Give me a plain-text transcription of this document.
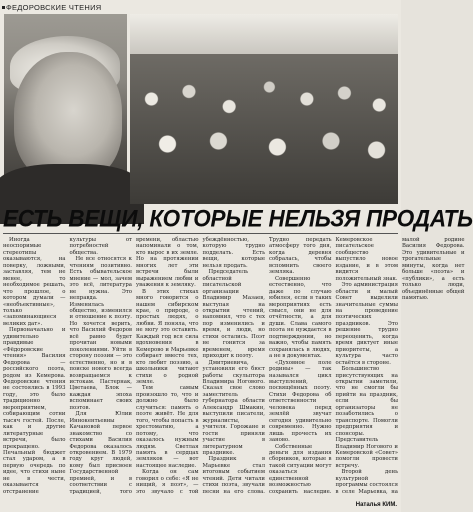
ФЕДОРОВСКИЕ ЧТЕНИЯ
ЕСТЬ ВЕЩИ, КОТОРЫЕ НЕЛЬЗЯ ПРОДАТЬ

Иногда неоспоримые стереотипы оказываются, на поверку, ложными, заставляя, тем не менее, то необходимое решать, что прошлое, о котором думали — «необъективные», только «запоминающиеся великих дат».

Первоначально и удивительно правдивые «Фёдоровские чтения» Василия Федорова — российского поэта, родом из Кемерова. Федоровские чтения не состоялись в 1993 году, это было традиционно мероприятием, собирающим сотни тысяч гостей. После, как и другие литературные встречи, было прекращено. Печальный бюджет стал ударом, а в первую очередь по идее, что стихи ныне не в чести, оказывается отстранение культуры от потребностей общества.

Не все относятся к чтениям позитивно. Есть обывательское мнение — мол, зачем это всё, литература не нужна. Это неправда. Изменилась общество, изменился и отношение к поэту. Но хочется верить, что Василий Федоров всё равно будет прочитан новыми поколениями. Уйти в сторону поэзии — это естественно, но и в поиске нового всегда возвращаемся к истокам. Пастернак, Цветаева, Блок — каждая эпоха вспоминает своих поэтов.

Для Юлии Иннокентьевны Качановой первое знакомство со стихами Василия Федорова оказалось откровением. В 1979 году круг людей, кому был присвоен Государственной премией, и в соответствии с традицией, того времени, областью напоминали о том, кто вырос в их земле. Но на протяжении многих лет эти встречи были выражением любви и уважения к земляку.

В этих стихах много говорится о нашем сибирском крае, о природе, о простых людях, о любви. Я поняла, что не могу это оставить. Каждый год вся сила вдохновения в Кемерово и Марьевке собирает вместе тех, кто любит поэзию, а школьники читают стихи о родной земле.

Тем самым произошло то, что и должно было случиться: память о поэте живёт. Не для того, чтобы попасть в хрестоматию, а потому, что оказалось нужным людям. Светлая память в сердцах земляков — вот настоящее наследие.

Когда он сам говорил о себе: «Я не нищий, я поэт», — это звучало с той убеждённостью, которую трудно подделать. Есть вещи, которые нельзя продать.

Председатель областной писательской организации Владимир Мазаев, выступая на открытии чтений, напомнил, что с тех пор изменились и время, и люди, но стихи остались. Поэт не гонится за временем, время приходит к поэту.

Дмитриевича, установили его бюст работы скульптора Владимира Ногового. Сказал свое слово заместитель губернатора области Александр Шмакин, выступили писатели, журналисты, учителя. Горожане и гости приняли участие в литературном празднике.

Праздник в Марьевке стал итоговым событием чтений. Дети читали стихи поэта, звучали песни на его слова. Трудно передать атмосферу того дня, когда деревня собралась, чтобы вспомнить своего земляка.

Совершенно естественно, что даже по случаю юбилея, если в таких мероприятиях есть смысл, они не для отчётности, а для души. Слава самого поэта не нуждается в подтверждении, но важно, чтобы память сохранялась в людях, а не в документах.

«Духовное поле родины» — так назывался цикл выступлений, посвящённых поэту. Стихи Федорова об ответственности человека перед землёй звучат сегодня удивительно современно. Нужно лишь прочесть их заново.

Собственные деньги для издания сборников, которые в такой ситуации могут оказаться единственной возможностью сохранить наследие. Кемеровское писательское сообщество выпустило новое издание, и в этом видится положительный знак.

Это администрация области и малый Совет выделили значительные суммы на проведение поэтических праздников. Это решение трудно переоценить, когда время диктует иные приоритеты, а культура часто остаётся в стороне.

Большинство присутствующих на открытии заметили, что не смогли бы прийти на праздник, если бы организаторы не позаботились о транспорте. Помогли предприятия и спонсоры. Представитель Владимир Ногового и Кемеровской «Совет» помогли провести встречу.

Второй день культурной программы состоялся в селе Марьевка, на малой родине Василия Федорова. Это удивительные и трогательные минуты, когда нет больше «поэта» и «публики», а есть только люди, объединённые общей памятью.

Наталья КИМ.
